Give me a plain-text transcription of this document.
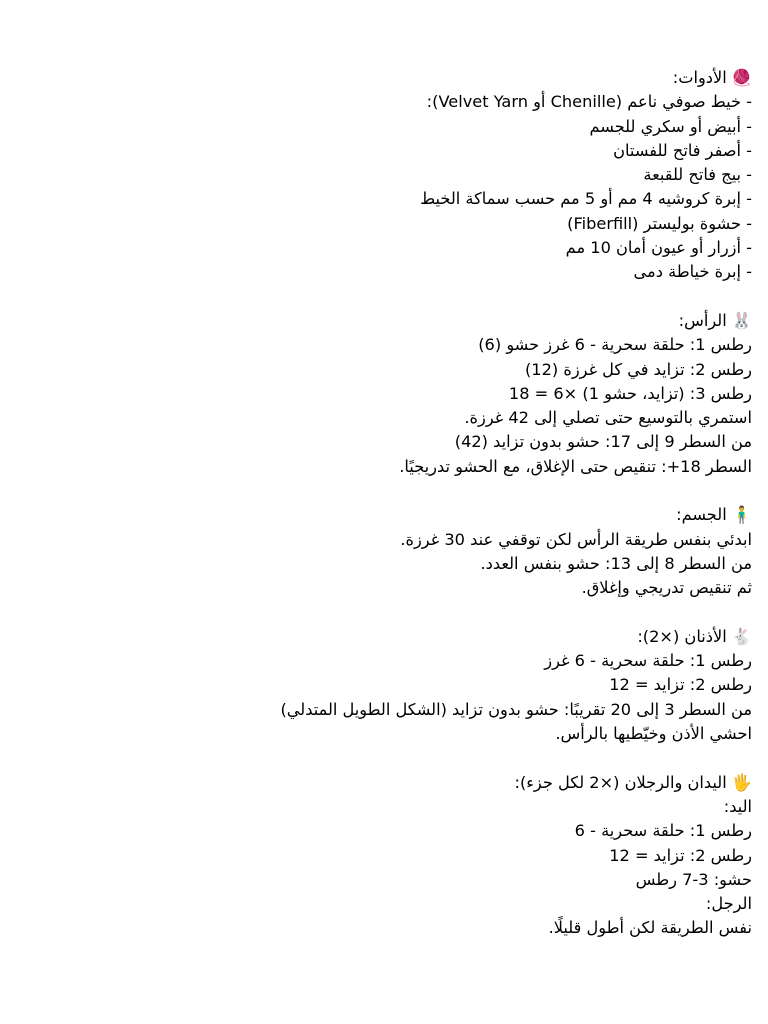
🧶 الأدوات:
- خيط صوفي ناعم (Chenille أو Velvet Yarn):
- أبيض أو سكري للجسم
- أصفر فاتح للفستان
- بيج فاتح للقبعة
- إبرة كروشيه 4 مم أو 5 مم حسب سماكة الخيط
- حشوة بوليستر (Fiberfill)
- أزرار أو عيون أمان 10 مم
- إبرة خياطة دمى
🐰 الرأس:
رطس 1: حلقة سحرية - 6 غرز حشو (6)
رطس 2: تزايد في كل غرزة (12)
رطس 3: (تزايد، حشو 1) ×6 = 18
استمري بالتوسيع حتى تصلي إلى 42 غرزة.
من السطر 9 إلى 17: حشو بدون تزايد (42)
السطر 18+: تنقيص حتى الإغلاق، مع الحشو تدريجيًا.
🧍‍♂️ الجسم:
ابدئي بنفس طريقة الرأس لكن توقفي عند 30 غرزة.
من السطر 8 إلى 13: حشو بنفس العدد.
ثم تنقيص تدريجي وإغلاق.
🐇 الأذنان (×2):
رطس 1: حلقة سحرية - 6 غرز
رطس 2: تزايد = 12
من السطر 3 إلى 20 تقريبًا: حشو بدون تزايد (الشكل الطويل المتدلي)
احشي الأذن وخيّطيها بالرأس.
🖐 اليدان والرجلان (×2 لكل جزء):
اليد:
رطس 1: حلقة سحرية - 6
رطس 2: تزايد = 12
حشو: 3-7 رطس
الرجل:
نفس الطريقة لكن أطول قليلًا.
